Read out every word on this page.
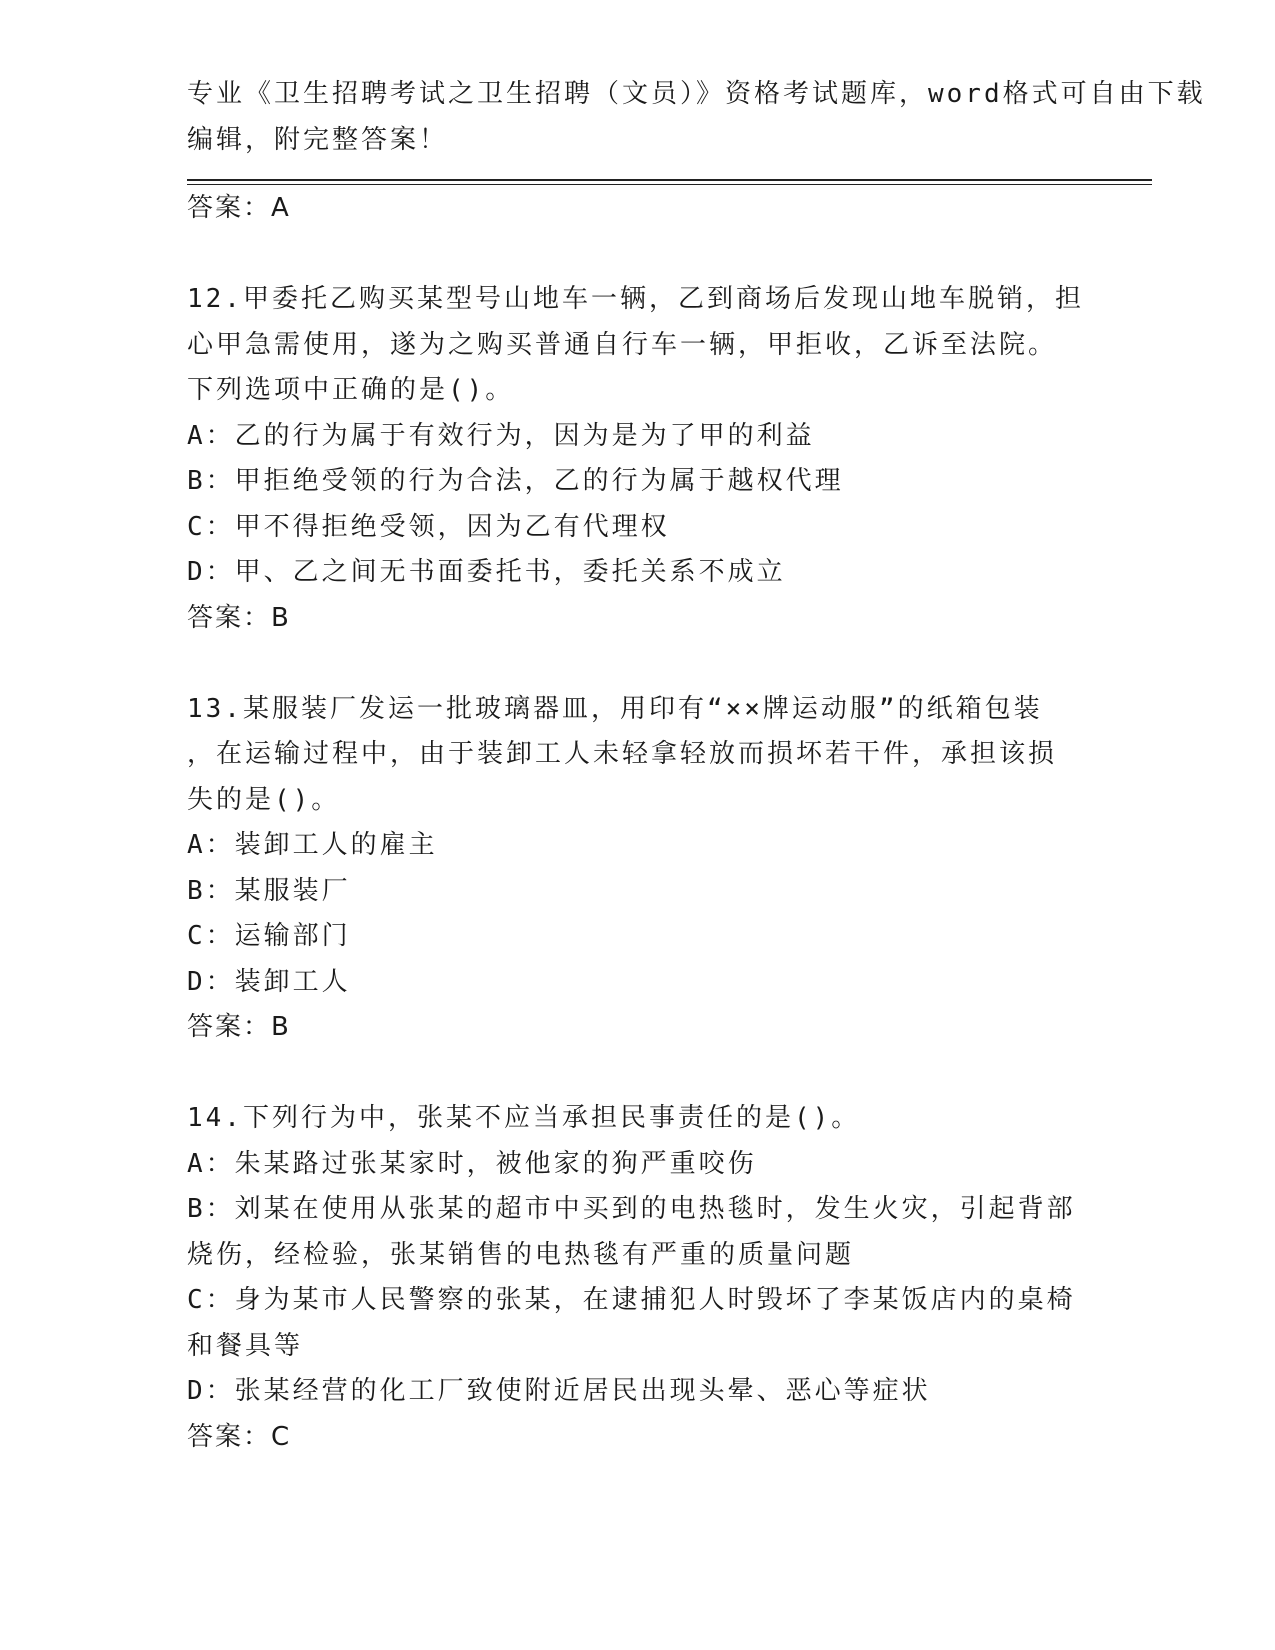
专业《卫生招聘考试之卫生招聘（文员）》资格考试题库，word格式可自由下载
编辑，附完整答案！
答案：A
12.甲委托乙购买某型号山地车一辆，乙到商场后发现山地车脱销，担
心甲急需使用，遂为之购买普通自行车一辆，甲拒收，乙诉至法院。
下列选项中正确的是()。
A：乙的行为属于有效行为，因为是为了甲的利益
B：甲拒绝受领的行为合法，乙的行为属于越权代理
C：甲不得拒绝受领，因为乙有代理权
D：甲、乙之间无书面委托书，委托关系不成立
答案：B
13.某服装厂发运一批玻璃器皿，用印有“××牌运动服”的纸箱包装
，在运输过程中，由于装卸工人未轻拿轻放而损坏若干件，承担该损
失的是()。
A：装卸工人的雇主
B：某服装厂
C：运输部门
D：装卸工人
答案：B
14.下列行为中，张某不应当承担民事责任的是()。
A：朱某路过张某家时，被他家的狗严重咬伤
B：刘某在使用从张某的超市中买到的电热毯时，发生火灾，引起背部
烧伤，经检验，张某销售的电热毯有严重的质量问题
C：身为某市人民警察的张某，在逮捕犯人时毁坏了李某饭店内的桌椅
和餐具等
D：张某经营的化工厂致使附近居民出现头晕、恶心等症状
答案：C
